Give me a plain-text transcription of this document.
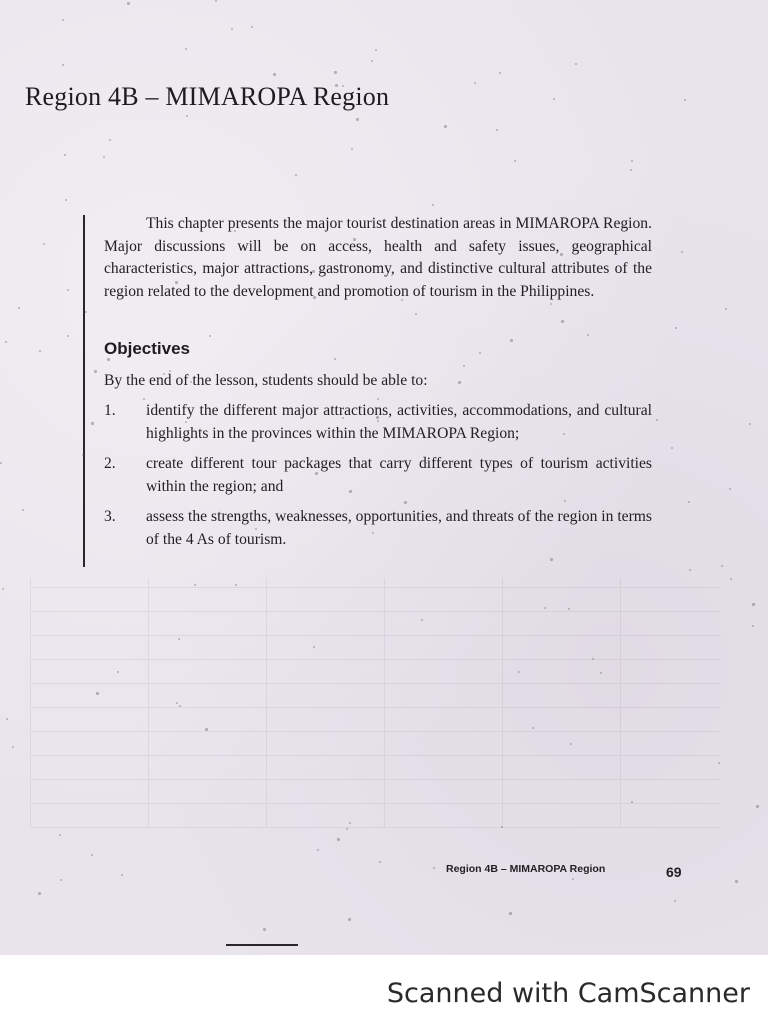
Region 4B – MIMAROPA Region

This chapter presents the major tourist destination areas in MIMAROPA Region. Major discussions will be on access, health and safety issues, geographical characteristics, major attractions, gastronomy, and distinctive cultural attributes of the region related to the development and promotion of tourism in the Philippines.

Objectives

By the end of the lesson, students should be able to:

1. identify the different major attractions, activities, accommodations, and cultural highlights in the provinces within the MIMAROPA Region;
2. create different tour packages that carry different types of tourism activities within the region; and
3. assess the strengths, weaknesses, opportunities, and threats of the region in terms of the 4 As of tourism.

Region 4B – MIMAROPA Region	69

Scanned with CamScanner
